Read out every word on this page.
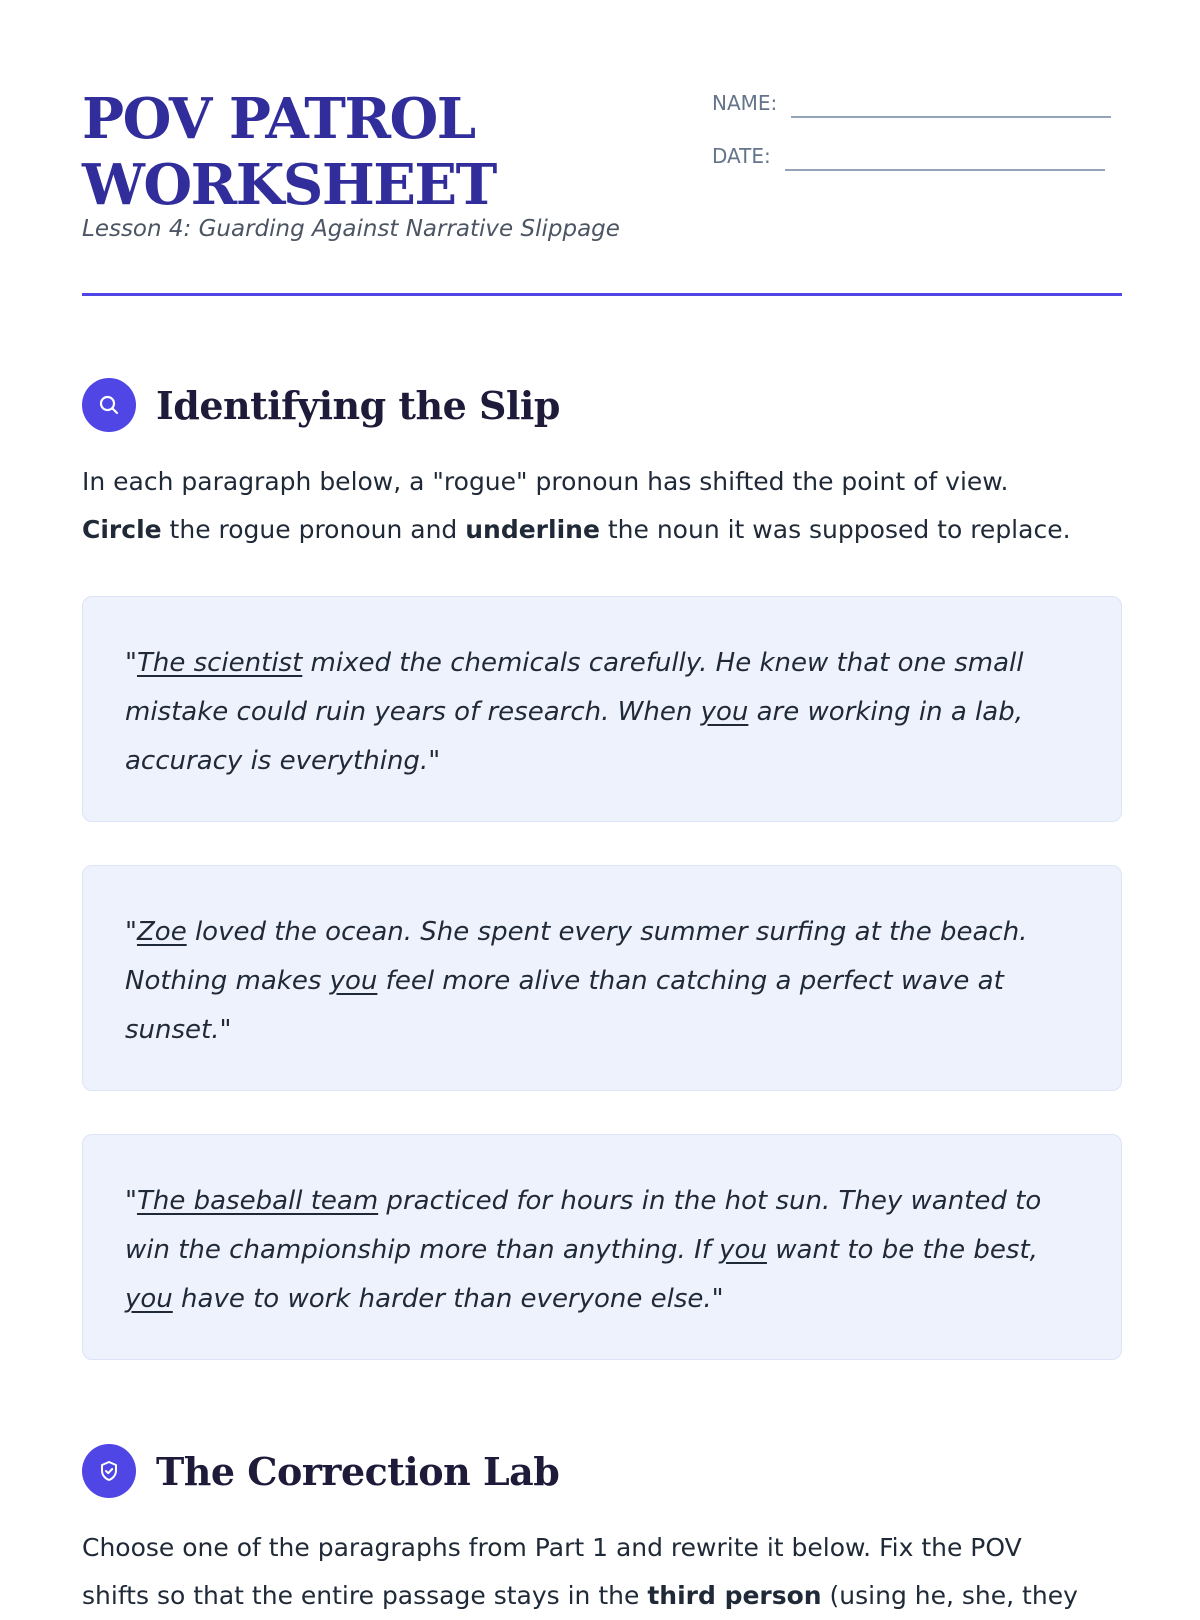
POV PATROL
WORKSHEET
Lesson 4: Guarding Against Narrative Slippage
NAME:
DATE:
Identifying the Slip

In each paragraph below, a "rogue" pronoun has shifted the point of view.
Circle the rogue pronoun and underline the noun it was supposed to replace.

"The scientist mixed the chemicals carefully. He knew that one small mistake could ruin years of research. When you are working in a lab, accuracy is everything."
"Zoe loved the ocean. She spent every summer surfing at the beach. Nothing makes you feel more alive than catching a perfect wave at sunset."
"The baseball team practiced for hours in the hot sun. They wanted to win the championship more than anything. If you want to be the best, you have to work harder than everyone else."
The Correction Lab

Choose one of the paragraphs from Part 1 and rewrite it below. Fix the POV
shifts so that the entire passage stays in the third person (using he, she, they
